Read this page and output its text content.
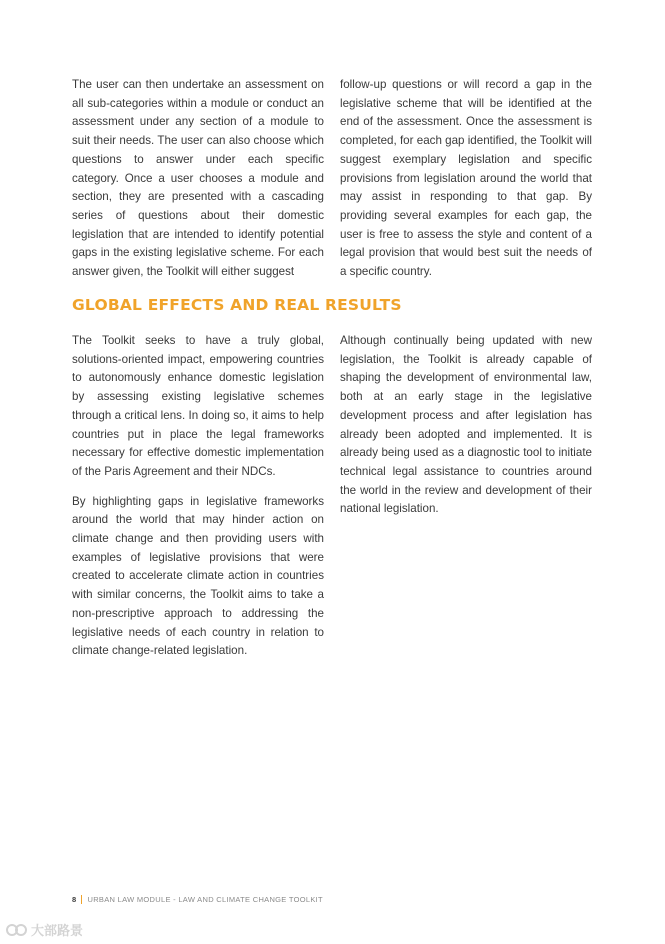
The user can then undertake an assessment on all sub-categories within a module or conduct an assessment under any section of a module to suit their needs. The user can also choose which questions to answer under each specific category. Once a user chooses a module and section, they are presented with a cascading series of questions about their domestic legislation that are intended to identify potential gaps in the existing legislative scheme. For each answer given, the Toolkit will either suggest

follow-up questions or will record a gap in the legislative scheme that will be identified at the end of the assessment. Once the assessment is completed, for each gap identified, the Toolkit will suggest exemplary legislation and specific provisions from legislation around the world that may assist in responding to that gap. By providing several examples for each gap, the user is free to assess the style and content of a legal provision that would best suit the needs of a specific country.

GLOBAL EFFECTS AND REAL RESULTS

The Toolkit seeks to have a truly global, solutions-oriented impact, empowering countries to autonomously enhance domestic legislation by assessing existing legislative schemes through a critical lens. In doing so, it aims to help countries put in place the legal frameworks necessary for effective domestic implementation of the Paris Agreement and their NDCs.

By highlighting gaps in legislative frameworks around the world that may hinder action on climate change and then providing users with examples of legislative provisions that were created to accelerate climate action in countries with similar concerns, the Toolkit aims to take a non-prescriptive approach to addressing the legislative needs of each country in relation to climate change-related legislation.

Although continually being updated with new legislation, the Toolkit is already capable of shaping the development of environmental law, both at an early stage in the legislative development process and after legislation has already been adopted and implemented. It is already being used as a diagnostic tool to initiate technical legal assistance to countries around the world in the review and development of their national legislation.

8 URBAN LAW MODULE - LAW AND CLIMATE CHANGE TOOLKIT
大部路景
